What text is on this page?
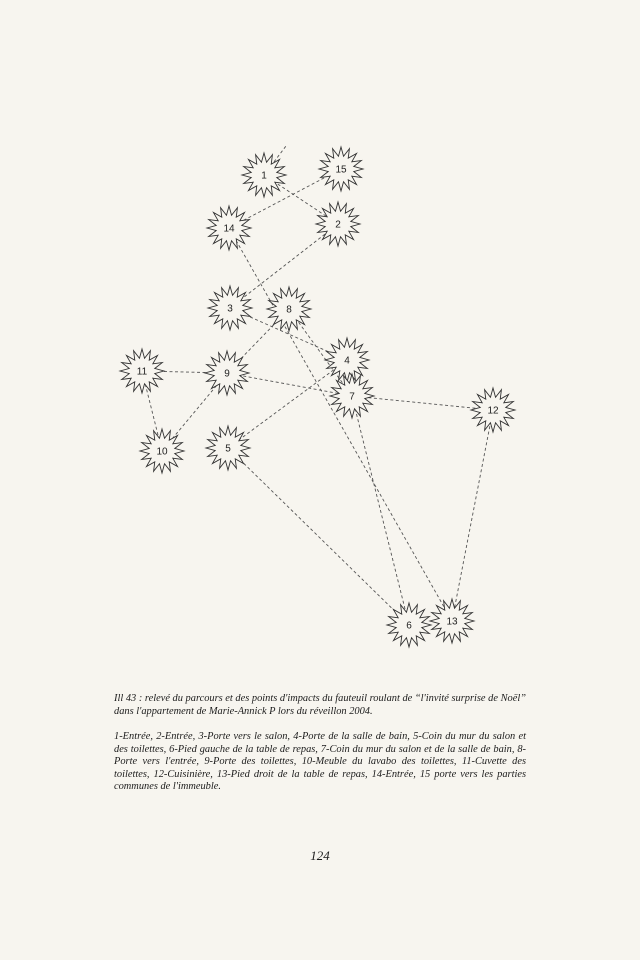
1
2
3
4
5
6
7
8
9
10
11
12
13
14
15

Ill 43 : relevé du parcours et des points d'impacts du fauteuil roulant de “l'invité surprise de Noël” dans l'appartement de Marie-Annick P lors du réveillon 2004.

1-Entrée, 2-Entrée, 3-Porte vers le salon, 4-Porte de la salle de bain, 5-Coin du mur du salon et des toilettes, 6-Pied gauche de la table de repas, 7-Coin du mur du salon et de la salle de bain, 8-Porte vers l'entrée, 9-Porte des toilettes, 10-Meuble du lavabo des toilettes, 11-Cuvette des toilettes, 12-Cuisinière, 13-Pied droit de la table de repas, 14-Entrée, 15 porte vers les parties communes de l'immeuble.

124
